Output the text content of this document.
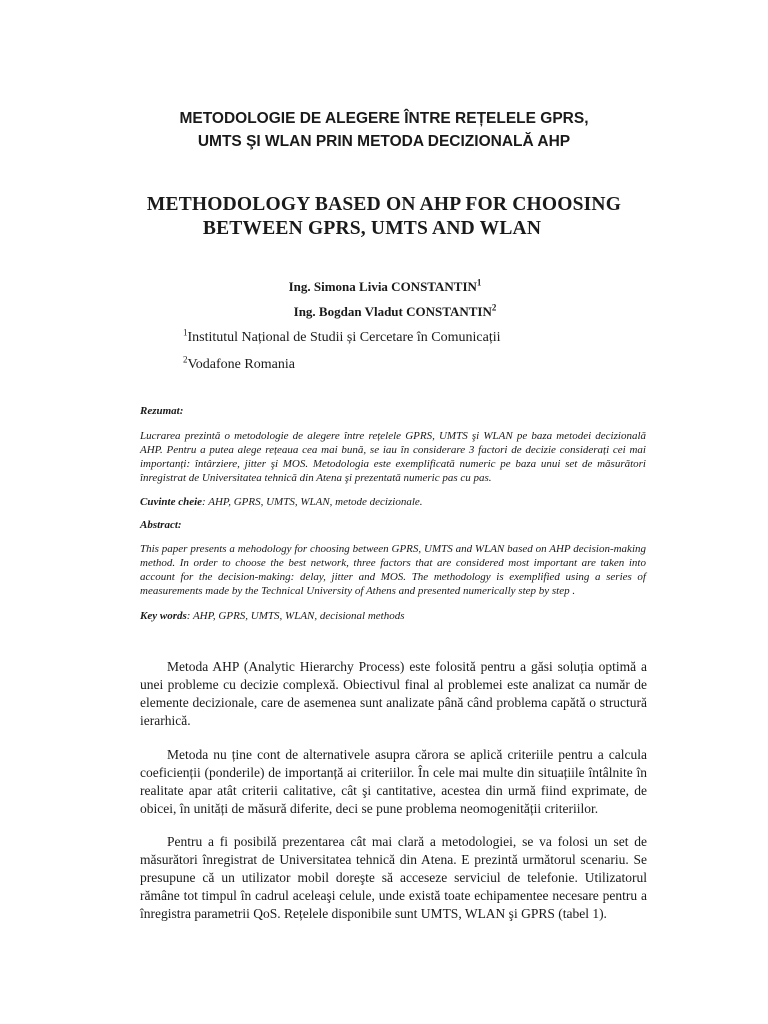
METODOLOGIE DE ALEGERE ÎNTRE REȚELELE GPRS,
UMTS ŞI WLAN PRIN METODA DECIZIONALĂ AHP
METHODOLOGY BASED ON AHP FOR CHOOSING
BETWEEN GPRS, UMTS AND WLAN
Ing. Simona Livia CONSTANTIN$^1$
Ing. Bogdan Vladut CONSTANTIN$^2$
$^1$Institutul Național de Studii și Cercetare în Comunicații
$^2$Vodafone Romania
Rezumat:
Lucrarea prezintă o metodologie de alegere între rețelele GPRS, UMTS şi WLAN pe baza metodei decizională AHP. Pentru a putea alege rețeaua cea mai bună, se iau în considerare 3 factori de decizie considerați cei mai importanți: întârziere, jitter şi MOS. Metodologia este exemplificată numeric pe baza unui set de măsurători înregistrat de Universitatea tehnică din Atena şi prezentată numeric pas cu pas.
Cuvinte cheie: AHP, GPRS, UMTS, WLAN, metode decizionale.
Abstract:
This paper presents a mehodology for choosing between GPRS, UMTS and WLAN based on AHP decision-making method. In order to choose the best network, three factors that are considered most important are taken into account for the decision-making: delay, jitter and MOS. The methodology is exemplified using a series of measurements made by the Technical University of Athens and presented numerically step by step .
Key words: AHP, GPRS, UMTS, WLAN, decisional methods
Metoda AHP (Analytic Hierarchy Process) este folosită pentru a găsi soluția optimă a unei probleme cu decizie complexă. Obiectivul final al problemei este analizat ca număr de elemente decizionale, care de asemenea sunt analizate până când problema capătă o structură ierarhică.
Metoda nu ține cont de alternativele asupra cărora se aplică criteriile pentru a calcula coeficienții (ponderile) de importanță ai criteriilor. În cele mai multe din situațiile întâlnite în realitate apar atât criterii calitative, cât şi cantitative, acestea din urmă fiind exprimate, de obicei, în unități de măsură diferite, deci se pune problema neomogenității criteriilor.
Pentru a fi posibilă prezentarea cât mai clară a metodologiei, se va folosi un set de măsurători înregistrat de Universitatea tehnică din Atena. E prezintă următorul scenariu. Se presupune că un utilizator mobil doreşte să acceseze serviciul de telefonie. Utilizatorul rămâne tot timpul în cadrul aceleaşi celule, unde există toate echipamentee necesare pentru a înregistra parametrii QoS. Rețelele disponibile sunt UMTS, WLAN şi GPRS (tabel 1).
